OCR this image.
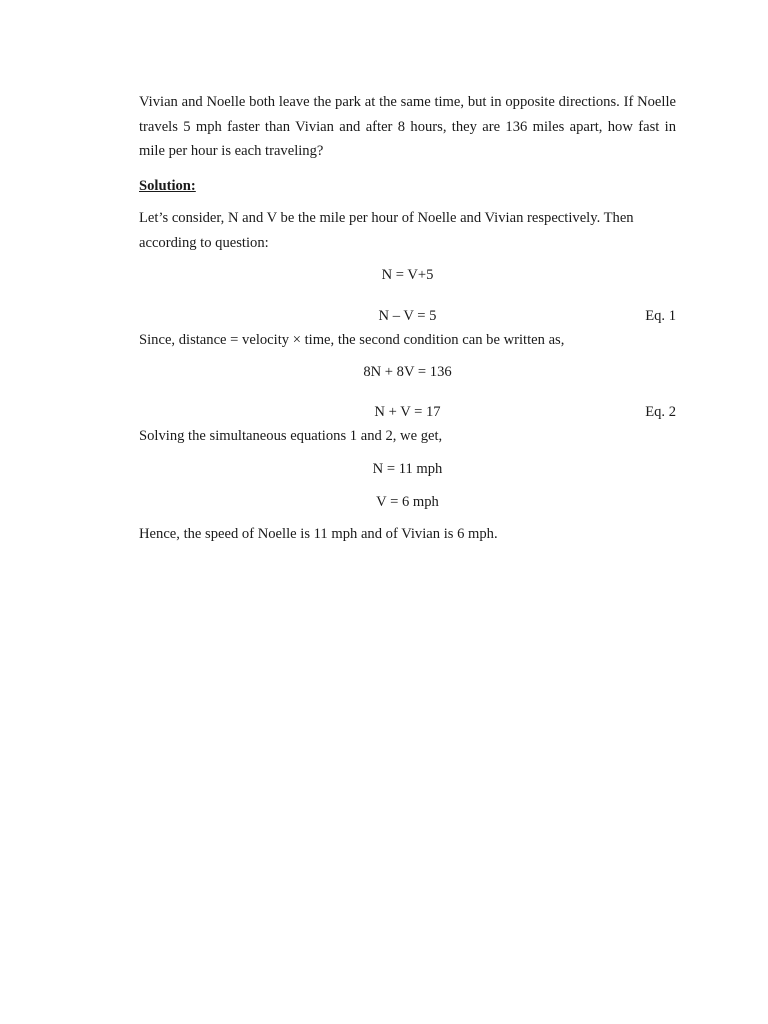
Vivian and Noelle both leave the park at the same time, but in opposite directions. If Noelle travels 5 mph faster than Vivian and after 8 hours, they are 136 miles apart, how fast in mile per hour is each traveling?

Solution:

Let’s consider, N and V be the mile per hour of Noelle and Vivian respectively. Then according to question:

N = V+5

N – V = 5	Eq. 1

Since, distance = velocity × time, the second condition can be written as,

8N + 8V = 136

N + V = 17	Eq. 2

Solving the simultaneous equations 1 and 2, we get,

N = 11 mph

V = 6 mph

Hence, the speed of Noelle is 11 mph and of Vivian is 6 mph.
